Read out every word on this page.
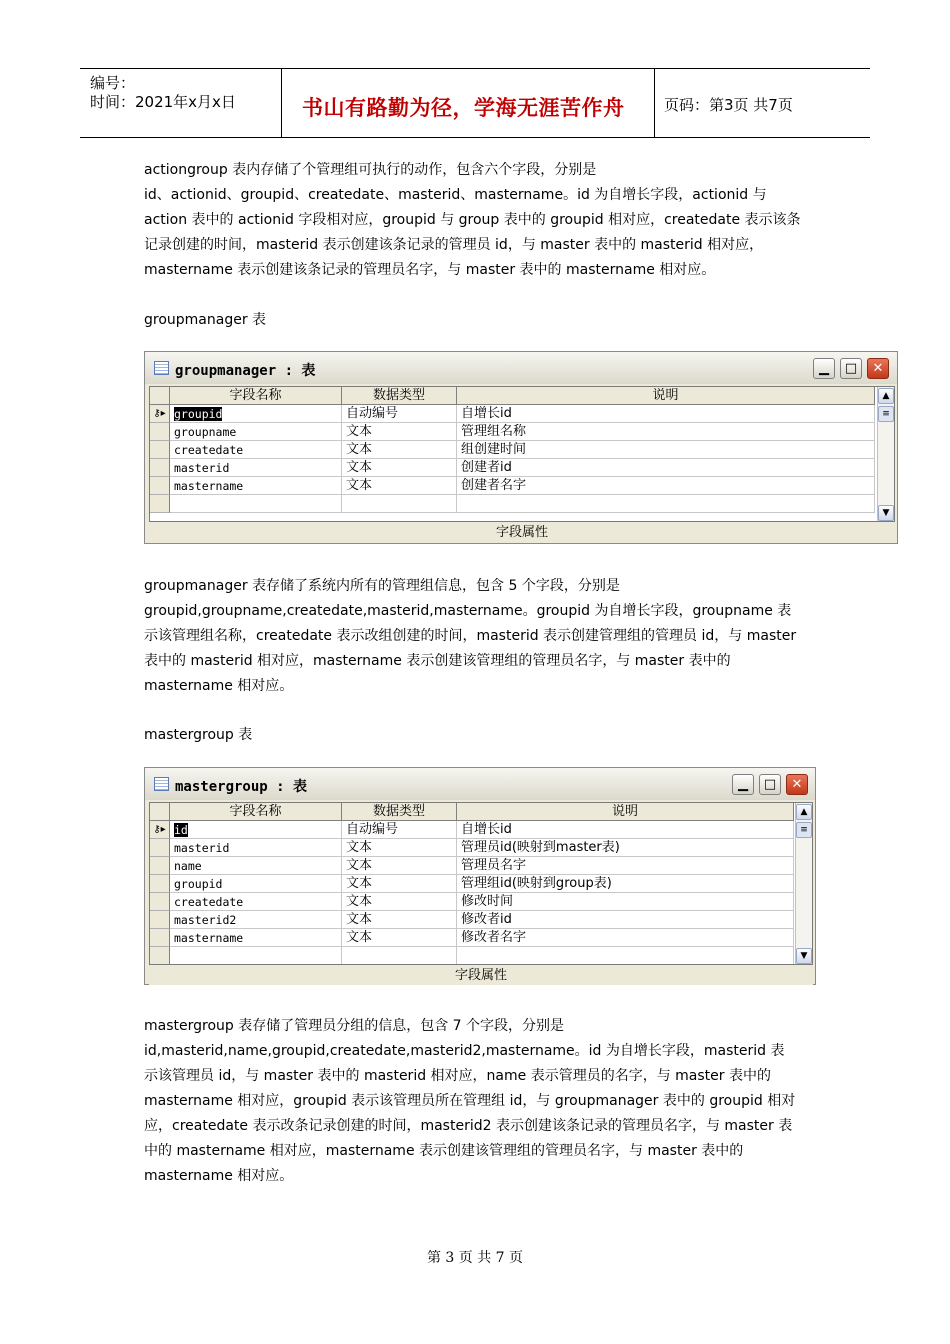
编号：
时间：2021年x月x日	书山有路勤为径，学海无涯苦作舟	页码：第3页 共7页
actiongroup 表内存储了个管理组可执行的动作，包含六个字段，分别是
id、actionid、groupid、createdate、masterid、mastername。id 为自增长字段，actionid 与
action 表中的 actionid 字段相对应，groupid 与 group 表中的 groupid 相对应，createdate 表示该条
记录创建的时间，masterid 表示创建该条记录的管理员 id，与 master 表中的 masterid 相对应，
mastername 表示创建该条记录的管理员名字，与 master 表中的 mastername 相对应。
groupmanager 表
groupmanager : 表	▁	□	✕
字段名称	数据类型	说明
⚷▸ groupid	自动编号	自增长id
groupname	文本	管理组名称
createdate	文本	组创建时间
masterid	文本	创建者id
mastername	文本	创建者名字
▲
≡
▼
字段属性
groupmanager 表存储了系统内所有的管理组信息，包含 5 个字段，分别是
groupid,groupname,createdate,masterid,mastername。groupid 为自增长字段，groupname 表
示该管理组名称，createdate 表示改组创建的时间，masterid 表示创建管理组的管理员 id，与 master
表中的 masterid 相对应，mastername 表示创建该管理组的管理员名字，与 master 表中的
mastername 相对应。
mastergroup 表
mastergroup : 表	▁	□	✕
字段名称	数据类型	说明
⚷▸ id	自动编号	自增长id
masterid	文本	管理员id(映射到master表)
name	文本	管理员名字
groupid	文本	管理组id(映射到group表)
createdate	文本	修改时间
masterid2	文本	修改者id
mastername	文本	修改者名字
▲
≡
▼
字段属性
mastergroup 表存储了管理员分组的信息，包含 7 个字段，分别是
id,masterid,name,groupid,createdate,masterid2,mastername。id 为自增长字段，masterid 表
示该管理员 id，与 master 表中的 masterid 相对应，name 表示管理员的名字，与 master 表中的
mastername 相对应，groupid 表示该管理员所在管理组 id，与 groupmanager 表中的 groupid 相对
应，createdate 表示改条记录创建的时间，masterid2 表示创建该条记录的管理员名字，与 master 表
中的 mastername 相对应，mastername 表示创建该管理组的管理员名字，与 master 表中的
mastername 相对应。
第 3 页 共 7 页
